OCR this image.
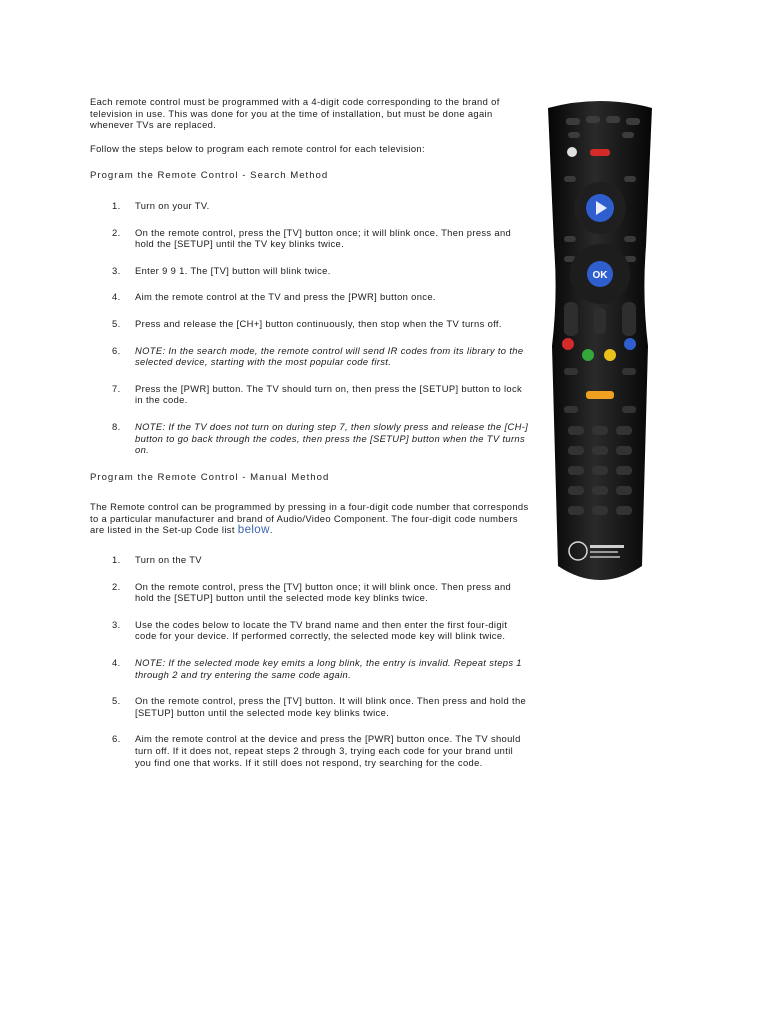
Each remote control must be programmed with a 4-digit code corresponding to the brand of television in use. This was done for you at the time of installation, but must be done again whenever TVs are replaced.

Follow the steps below to program each remote control for each television:

Program the Remote Control - Search Method

1. Turn on your TV.
2. On the remote control, press the [TV] button once; it will blink once. Then press and hold the [SETUP] until the TV key blinks twice.
3. Enter 9 9 1. The [TV] button will blink twice.
4. Aim the remote control at the TV and press the [PWR] button once.
5. Press and release the [CH+] button continuously, then stop when the TV turns off.
6. NOTE: In the search mode, the remote control will send IR codes from its library to the selected device, starting with the most popular code first.
7. Press the [PWR] button. The TV should turn on, then press the [SETUP] button to lock in the code.
8. NOTE: If the TV does not turn on during step 7, then slowly press and release the [CH-] button to go back through the codes, then press the [SETUP] button when the TV turns on.

Program the Remote Control - Manual Method

The Remote control can be programmed by pressing in a four-digit code number that corresponds to a particular manufacturer and brand of Audio/Video Component. The four-digit code numbers are listed in the Set-up Code list below.

1. Turn on the TV
2. On the remote control, press the [TV] button once; it will blink once. Then press and hold the [SETUP] button until the selected mode key blinks twice.
3. Use the codes below to locate the TV brand name and then enter the first four-digit code for your device. If performed correctly, the selected mode key will blink twice.
4. NOTE: If the selected mode key emits a long blink, the entry is invalid. Repeat steps 1 through 2 and try entering the same code again.
5. On the remote control, press the [TV] button. It will blink once. Then press and hold the [SETUP] button until the selected mode key blinks twice.
6. Aim the remote control at the device and press the [PWR] button once. The TV should turn off. If it does not, repeat steps 2 through 3, trying each code for your brand until you find one that works. If it still does not respond, try searching for the code.
OK
